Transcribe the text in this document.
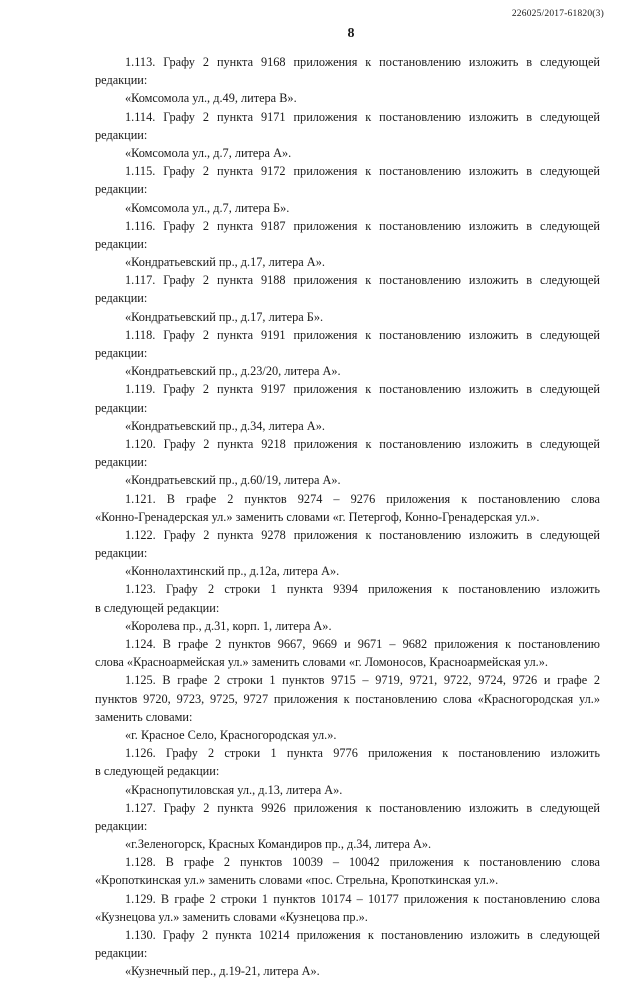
8
226025/2017-61820(3)
1.113. Графу 2 пункта 9168 приложения к постановлению изложить в следующей
редакции:
«Комсомола ул., д.49, литера В».
1.114. Графу 2 пункта 9171 приложения к постановлению изложить в следующей
редакции:
«Комсомола ул., д.7, литера А».
1.115. Графу 2 пункта 9172 приложения к постановлению изложить в следующей
редакции:
«Комсомола ул., д.7, литера Б».
1.116. Графу 2 пункта 9187 приложения к постановлению изложить в следующей
редакции:
«Кондратьевский пр., д.17, литера А».
1.117. Графу 2 пункта 9188 приложения к постановлению изложить в следующей
редакции:
«Кондратьевский пр., д.17, литера Б».
1.118. Графу 2 пункта 9191 приложения к постановлению изложить в следующей
редакции:
«Кондратьевский пр., д.23/20, литера А».
1.119. Графу 2 пункта 9197 приложения к постановлению изложить в следующей
редакции:
«Кондратьевский пр., д.34, литера А».
1.120. Графу 2 пункта 9218 приложения к постановлению изложить в следующей
редакции:
«Кондратьевский пр., д.60/19, литера А».
1.121. В графе 2 пунктов 9274 – 9276 приложения к постановлению слова
«Конно-Гренадерская ул.» заменить словами «г. Петергоф, Конно-Гренадерская ул.».
1.122. Графу 2 пункта 9278 приложения к постановлению изложить в следующей
редакции:
«Коннолахтинский пр., д.12а, литера А».
1.123. Графу 2 строки 1 пункта 9394 приложения к постановлению изложить
в следующей редакции:
«Королева пр., д.31, корп. 1, литера А».
1.124. В графе 2 пунктов 9667, 9669 и 9671 – 9682 приложения к постановлению
слова «Красноармейская ул.» заменить словами «г. Ломоносов, Красноармейская ул.».
1.125. В графе 2 строки 1 пунктов 9715 – 9719, 9721, 9722, 9724, 9726 и графе 2
пунктов 9720, 9723, 9725, 9727 приложения к постановлению слова «Красногородская ул.»
заменить словами:
«г. Красное Село, Красногородская ул.».
1.126. Графу 2 строки 1 пункта 9776 приложения к постановлению изложить
в следующей редакции:
«Краснопутиловская ул., д.13, литера А».
1.127. Графу 2 пункта 9926 приложения к постановлению изложить в следующей
редакции:
«г.Зеленогорск, Красных Командиров пр., д.34, литера А».
1.128. В графе 2 пунктов 10039 – 10042 приложения к постановлению слова
«Кропоткинская ул.» заменить словами «пос. Стрельна, Кропоткинская ул.».
1.129. В графе 2 строки 1 пунктов 10174 – 10177 приложения к постановлению слова
«Кузнецова ул.» заменить словами «Кузнецова пр.».
1.130. Графу 2 пункта 10214 приложения к постановлению изложить в следующей
редакции:
«Кузнечный пер., д.19-21, литера А».
